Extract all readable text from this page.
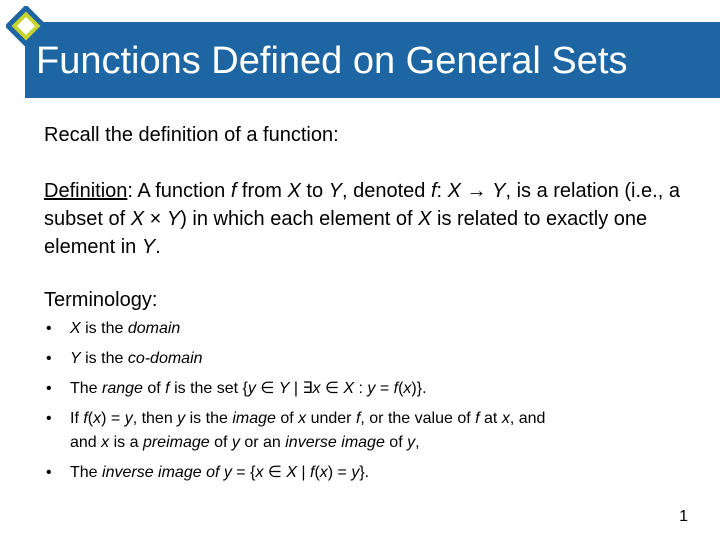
Functions Defined on General Sets
Recall the definition of a function:
Definition: A function f from X to Y, denoted f: X → Y, is a relation (i.e., a subset of X × Y) in which each element of X is related to exactly one element in Y.
Terminology:
• X is the domain
• Y is the co-domain
• The range of f is the set {y ∈ Y | ∃x ∈ X : y = f(x)}.
• If f(x) = y, then y is the image of x under f, or the value of f at x, and
and x is a preimage of y or an inverse image of y,
• The inverse image of y = {x ∈ X | f(x) = y}.
1
